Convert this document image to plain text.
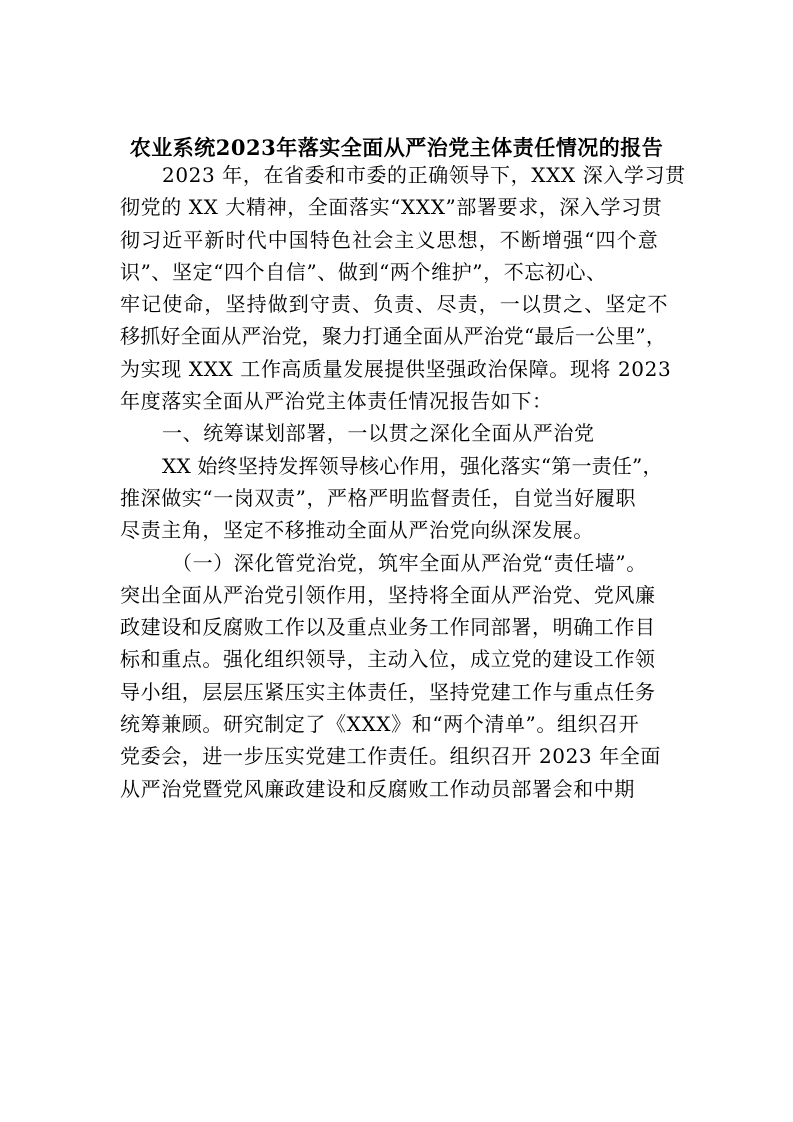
农业系统2023年落实全面从严治党主体责任情况的报告
2023 年，在省委和市委的正确领导下，XXX 深入学习贯
彻党的 XX 大精神，全面落实“XXX”部署要求，深入学习贯
彻习近平新时代中国特色社会主义思想，不断增强“四个意
识”、坚定“四个自信”、做到“两个维护”，不忘初心、
牢记使命，坚持做到守责、负责、尽责，一以贯之、坚定不
移抓好全面从严治党，聚力打通全面从严治党“最后一公里”，
为实现 XXX 工作高质量发展提供坚强政治保障。现将 2023
年度落实全面从严治党主体责任情况报告如下：
一、统筹谋划部署，一以贯之深化全面从严治党
XX 始终坚持发挥领导核心作用，强化落实“第一责任”，
推深做实“一岗双责”，严格严明监督责任，自觉当好履职
尽责主角，坚定不移推动全面从严治党向纵深发展。
（一）深化管党治党，筑牢全面从严治党“责任墙”。
突出全面从严治党引领作用，坚持将全面从严治党、党风廉
政建设和反腐败工作以及重点业务工作同部署，明确工作目
标和重点。强化组织领导，主动入位，成立党的建设工作领
导小组，层层压紧压实主体责任，坚持党建工作与重点任务
统筹兼顾。研究制定了《XXX》和“两个清单”。组织召开
党委会，进一步压实党建工作责任。组织召开 2023 年全面
从严治党暨党风廉政建设和反腐败工作动员部署会和中期
